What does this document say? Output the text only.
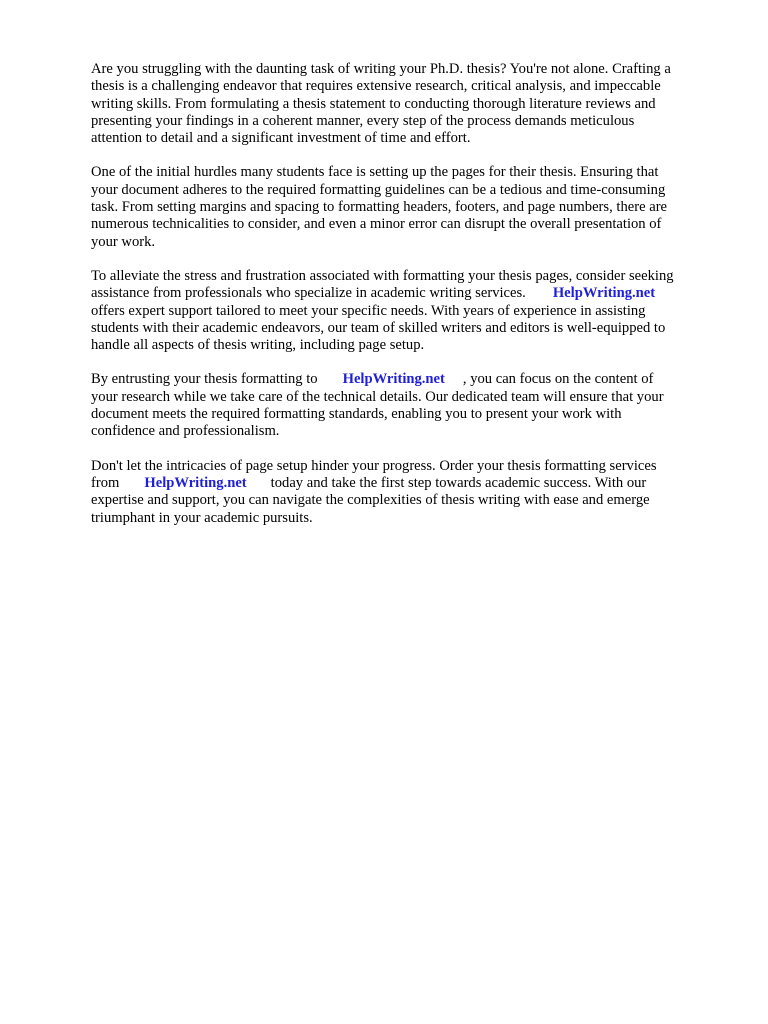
Are you struggling with the daunting task of writing your Ph.D. thesis? You're not alone. Crafting a
thesis is a challenging endeavor that requires extensive research, critical analysis, and impeccable
writing skills. From formulating a thesis statement to conducting thorough literature reviews and
presenting your findings in a coherent manner, every step of the process demands meticulous
attention to detail and a significant investment of time and effort.

One of the initial hurdles many students face is setting up the pages for their thesis. Ensuring that
your document adheres to the required formatting guidelines can be a tedious and time-consuming
task. From setting margins and spacing to formatting headers, footers, and page numbers, there are
numerous technicalities to consider, and even a minor error can disrupt the overall presentation of
your work.

To alleviate the stress and frustration associated with formatting your thesis pages, consider seeking
assistance from professionals who specialize in academic writing services. HelpWriting.net
offers expert support tailored to meet your specific needs. With years of experience in assisting
students with their academic endeavors, our team of skilled writers and editors is well-equipped to
handle all aspects of thesis writing, including page setup.

By entrusting your thesis formatting to HelpWriting.net , you can focus on the content of
your research while we take care of the technical details. Our dedicated team will ensure that your
document meets the required formatting standards, enabling you to present your work with
confidence and professionalism.

Don't let the intricacies of page setup hinder your progress. Order your thesis formatting services
from HelpWriting.net today and take the first step towards academic success. With our
expertise and support, you can navigate the complexities of thesis writing with ease and emerge
triumphant in your academic pursuits.
